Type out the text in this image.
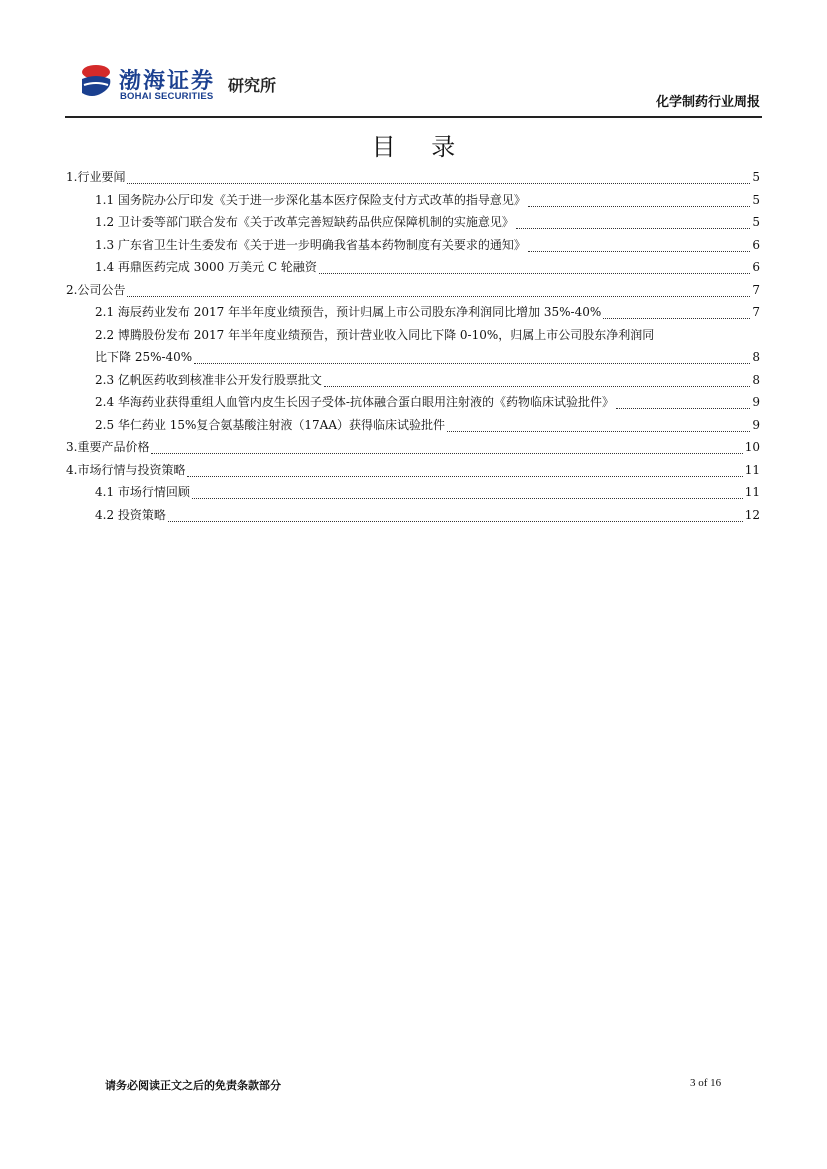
渤海证券
BOHAI SECURITIES
研究所
化学制药行业周报
目 录
1.行业要闻	5
1.1 国务院办公厅印发《关于进一步深化基本医疗保险支付方式改革的指导意见》	5
1.2 卫计委等部门联合发布《关于改革完善短缺药品供应保障机制的实施意见》	5
1.3 广东省卫生计生委发布《关于进一步明确我省基本药物制度有关要求的通知》	6
1.4 再鼎医药完成 3000 万美元 C 轮融资	6
2.公司公告	7
2.1 海辰药业发布 2017 年半年度业绩预告，预计归属上市公司股东净利润同比增加 35%-40%	7
2.2 博腾股份发布 2017 年半年度业绩预告，预计营业收入同比下降 0-10%，归属上市公司股东净利润同
比下降 25%-40%	8
2.3 亿帆医药收到核准非公开发行股票批文	8
2.4 华海药业获得重组人血管内皮生长因子受体-抗体融合蛋白眼用注射液的《药物临床试验批件》	9
2.5 华仁药业 15%复合氨基酸注射液（17AA）获得临床试验批件	9
3.重要产品价格	10
4.市场行情与投资策略	11
4.1 市场行情回顾	11
4.2 投资策略	12
请务必阅读正文之后的免责条款部分	3 of 16
